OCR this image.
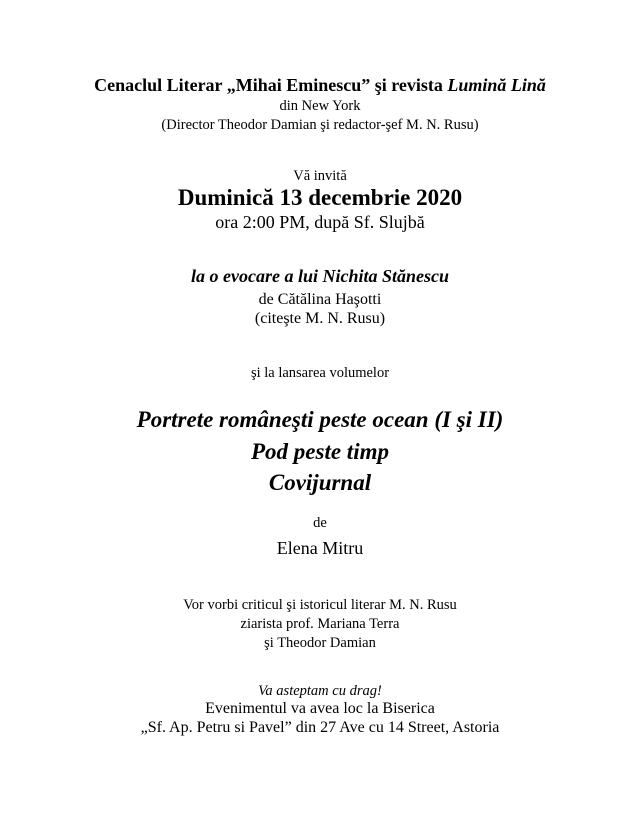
Cenaclul Literar „Mihai Eminescu” şi revista Lumină Lină
din New York
(Director Theodor Damian şi redactor-şef M. N. Rusu)
Vă invită
Duminică 13 decembrie 2020
ora 2:00 PM, după Sf. Slujbă
la o evocare a lui Nichita Stănescu
de Cătălina Haşotti
(citeşte M. N. Rusu)
şi la lansarea volumelor
Portrete româneşti peste ocean (I şi II)
Pod peste timp
Covijurnal
de
Elena Mitru
Vor vorbi criticul şi istoricul literar M. N. Rusu
ziarista prof. Mariana Terra
şi Theodor Damian
Va asteptam cu drag!
Evenimentul va avea loc la Biserica
„Sf. Ap. Petru si Pavel” din 27 Ave cu 14 Street, Astoria
